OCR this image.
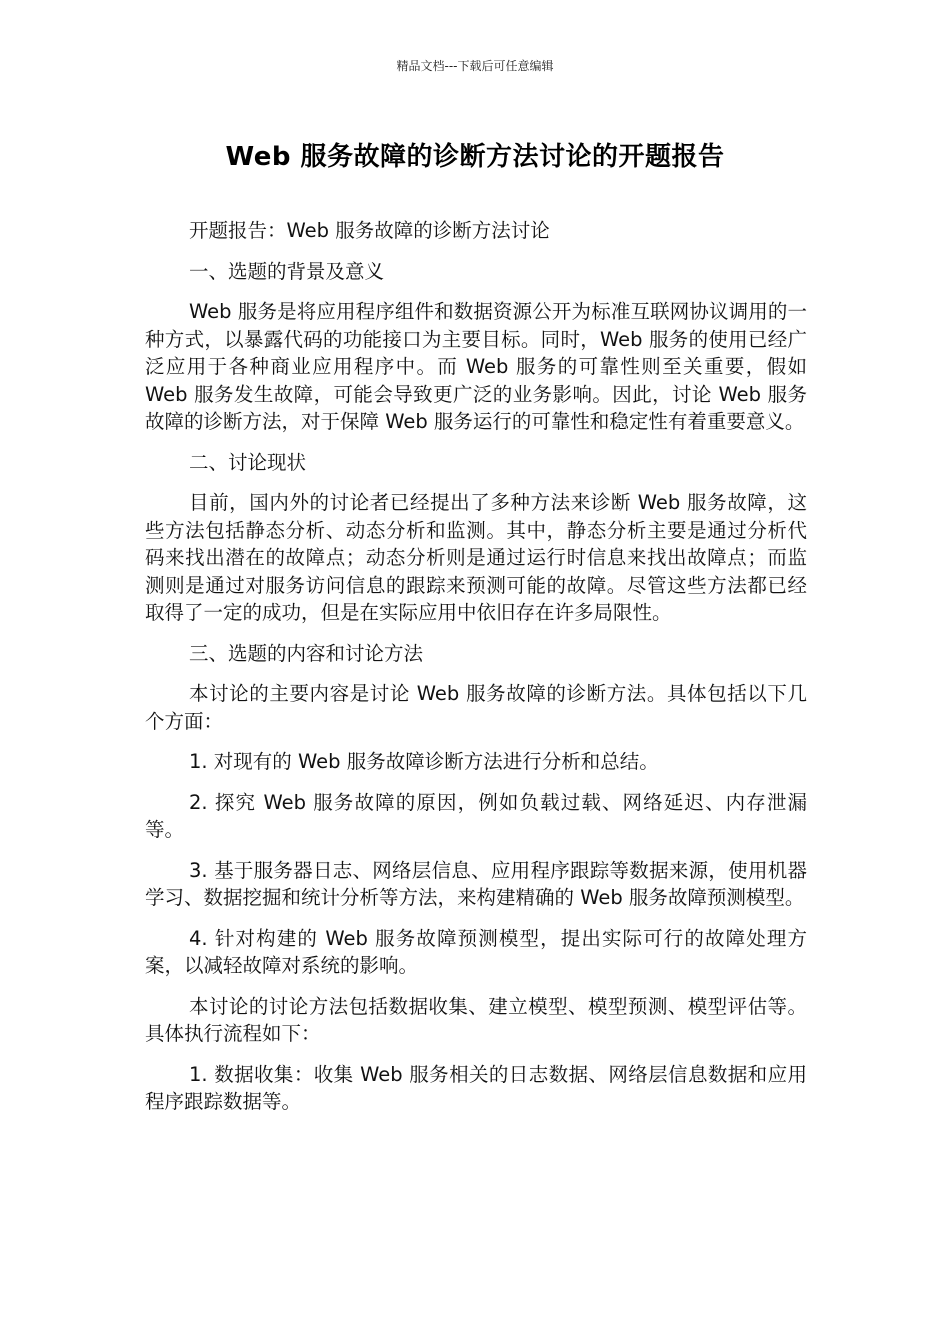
精品文档---下载后可任意编辑
Web 服务故障的诊断方法讨论的开题报告

开题报告：Web 服务故障的诊断方法讨论

一、选题的背景及意义

Web 服务是将应用程序组件和数据资源公开为标准互联网协议调用的一种方式，以暴露代码的功能接口为主要目标。同时，Web 服务的使用已经广泛应用于各种商业应用程序中。而 Web 服务的可靠性则至关重要，假如 Web 服务发生故障，可能会导致更广泛的业务影响。因此，讨论 Web 服务故障的诊断方法，对于保障 Web 服务运行的可靠性和稳定性有着重要意义。

二、讨论现状

目前，国内外的讨论者已经提出了多种方法来诊断 Web 服务故障，这些方法包括静态分析、动态分析和监测。其中，静态分析主要是通过分析代码来找出潜在的故障点；动态分析则是通过运行时信息来找出故障点；而监测则是通过对服务访问信息的跟踪来预测可能的故障。尽管这些方法都已经取得了一定的成功，但是在实际应用中依旧存在许多局限性。

三、选题的内容和讨论方法

本讨论的主要内容是讨论 Web 服务故障的诊断方法。具体包括以下几个方面：

1. 对现有的 Web 服务故障诊断方法进行分析和总结。

2. 探究 Web 服务故障的原因，例如负载过载、网络延迟、内存泄漏等。

3. 基于服务器日志、网络层信息、应用程序跟踪等数据来源，使用机器学习、数据挖掘和统计分析等方法，来构建精确的 Web 服务故障预测模型。

4. 针对构建的 Web 服务故障预测模型，提出实际可行的故障处理方案，以减轻故障对系统的影响。

本讨论的讨论方法包括数据收集、建立模型、模型预测、模型评估等。具体执行流程如下：

1. 数据收集：收集 Web 服务相关的日志数据、网络层信息数据和应用程序跟踪数据等。
